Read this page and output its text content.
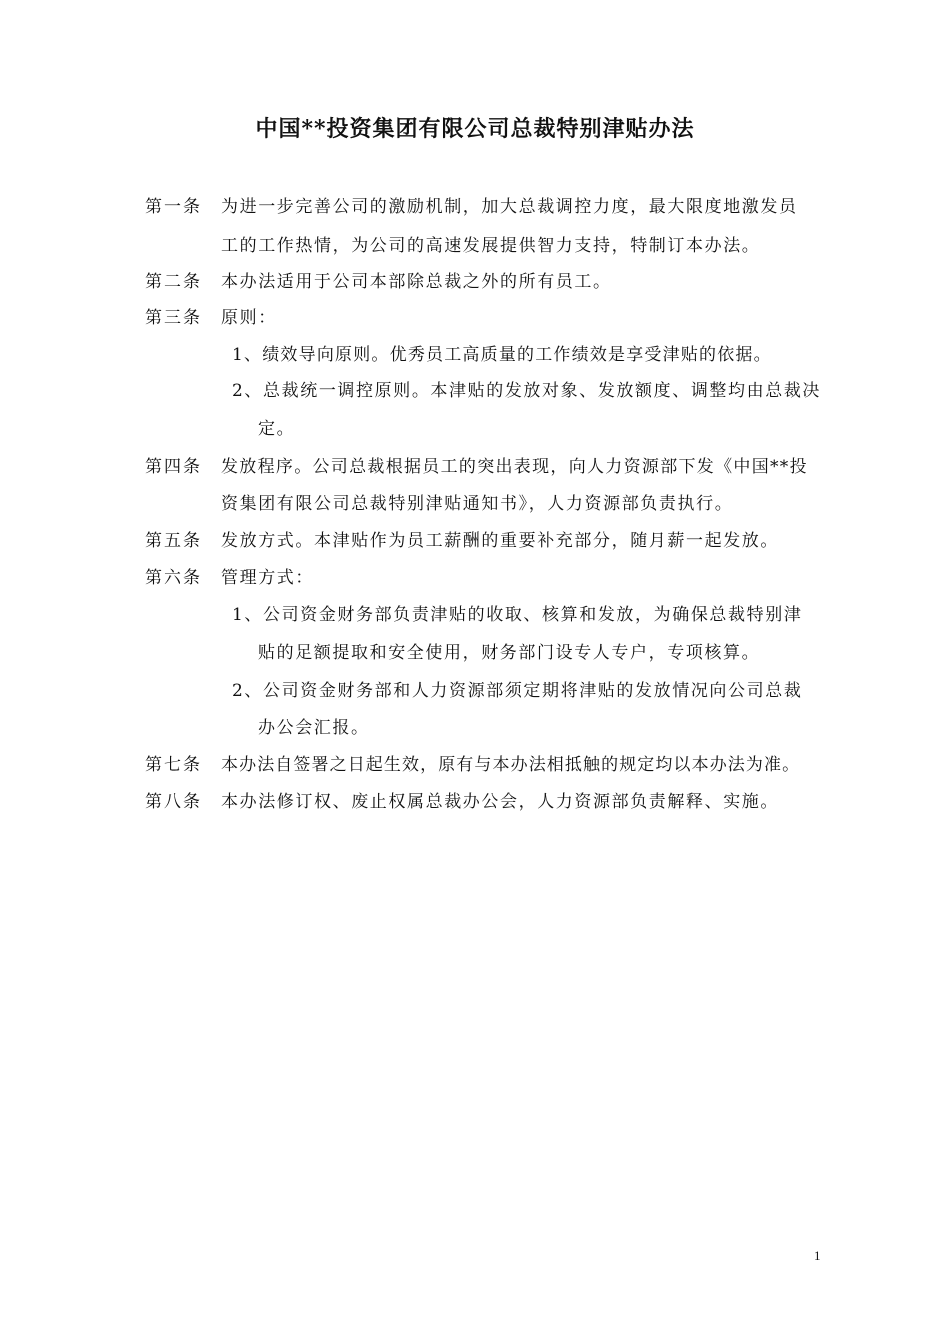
中国**投资集团有限公司总裁特别津贴办法
第一条 为进一步完善公司的激励机制，加大总裁调控力度，最大限度地激发员
工的工作热情，为公司的高速发展提供智力支持，特制订本办法。
第二条 本办法适用于公司本部除总裁之外的所有员工。
第三条 原则：
1、绩效导向原则。优秀员工高质量的工作绩效是享受津贴的依据。
2、总裁统一调控原则。本津贴的发放对象、发放额度、调整均由总裁决
定。
第四条 发放程序。公司总裁根据员工的突出表现，向人力资源部下发《中国**投
资集团有限公司总裁特别津贴通知书》，人力资源部负责执行。
第五条 发放方式。本津贴作为员工薪酬的重要补充部分，随月薪一起发放。
第六条 管理方式：
1、公司资金财务部负责津贴的收取、核算和发放，为确保总裁特别津
贴的足额提取和安全使用，财务部门设专人专户，专项核算。
2、公司资金财务部和人力资源部须定期将津贴的发放情况向公司总裁
办公会汇报。
第七条 本办法自签署之日起生效，原有与本办法相抵触的规定均以本办法为准。
第八条 本办法修订权、废止权属总裁办公会，人力资源部负责解释、实施。
1
